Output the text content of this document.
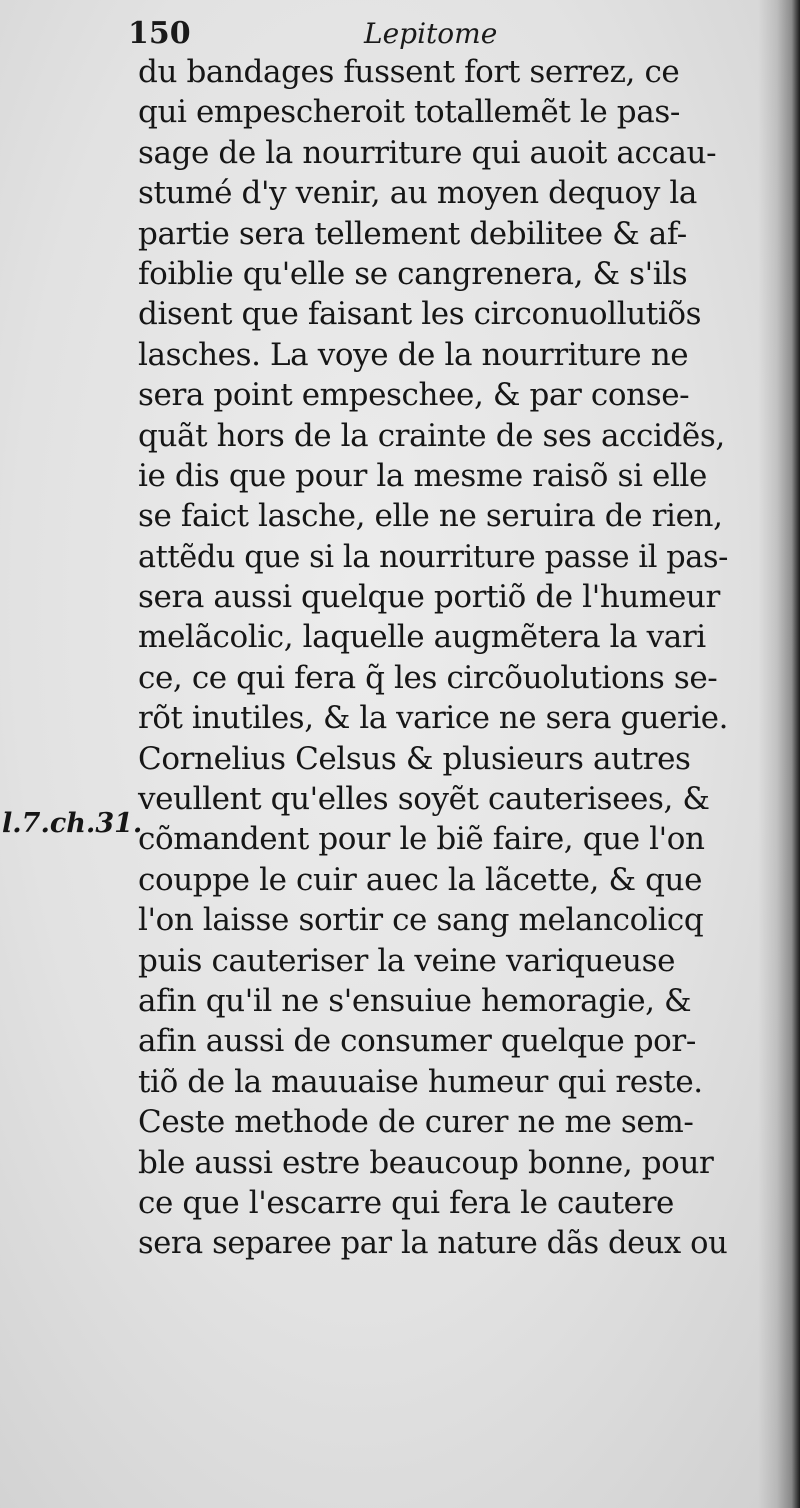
150	Lepitome
l.7.ch.31.
du bandages fussent fort serrez, ce
qui empescheroit totallemẽt le pas-
sage de la nourriture qui auoit accau-
stumé d'y venir, au moyen dequoy la
partie sera tellement debilitee & af-
foiblie qu'elle se cangrenera, & s'ils
disent que faisant les circonuollutiõs
lasches. La voye de la nourriture ne
sera point empeschee, & par conse-
quãt hors de la crainte de ses accidẽs,
ie dis que pour la mesme raisõ si elle
se faict lasche, elle ne seruira de rien,
attẽdu que si la nourriture passe il pas-
sera aussi quelque portiõ de l'humeur
melãcolic, laquelle augmẽtera la vari
ce, ce qui fera q̃ les circõuolutions se-
rõt inutiles, & la varice ne sera guerie.
Cornelius Celsus & plusieurs autres
veullent qu'elles soyẽt cauterisees, &
cõmandent pour le biẽ faire, que l'on
couppe le cuir auec la lãcette, & que
l'on laisse sortir ce sang melancolicq
puis cauteriser la veine variqueuse
afin qu'il ne s'ensuiue hemoragie, &
afin aussi de consumer quelque por-
tiõ de la mauuaise humeur qui reste.
Ceste methode de curer ne me sem-
ble aussi estre beaucoup bonne, pour
ce que l'escarre qui fera le cautere
sera separee par la nature dãs deux ou
